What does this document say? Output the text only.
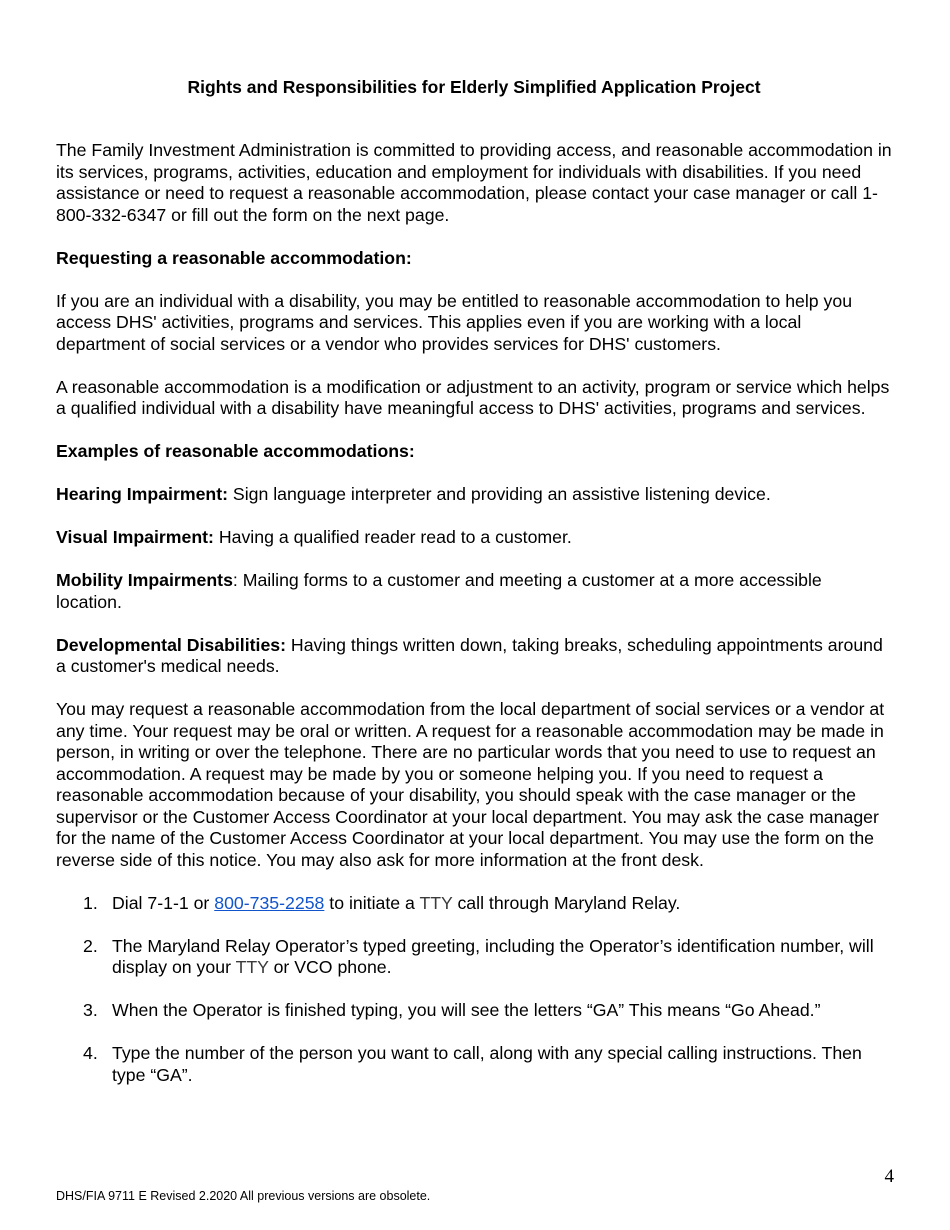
Rights and Responsibilities for Elderly Simplified Application Project

The Family Investment Administration is committed to providing access, and reasonable accommodation in its services, programs, activities, education and employment for individuals with disabilities. If you need assistance or need to request a reasonable accommodation, please contact your case manager or call 1-800-332-6347 or fill out the form on the next page.

Requesting a reasonable accommodation:

If you are an individual with a disability, you may be entitled to reasonable accommodation to help you access DHS' activities, programs and services. This applies even if you are working with a local department of social services or a vendor who provides services for DHS' customers.

A reasonable accommodation is a modification or adjustment to an activity, program or service which helps a qualified individual with a disability have meaningful access to DHS' activities, programs and services.

Examples of reasonable accommodations:

Hearing Impairment: Sign language interpreter and providing an assistive listening device.

Visual Impairment: Having a qualified reader read to a customer.

Mobility Impairments: Mailing forms to a customer and meeting a customer at a more accessible location.

Developmental Disabilities: Having things written down, taking breaks, scheduling appointments around a customer's medical needs.

You may request a reasonable accommodation from the local department of social services or a vendor at any time. Your request may be oral or written. A request for a reasonable accommodation may be made in person, in writing or over the telephone. There are no particular words that you need to use to request an accommodation. A request may be made by you or someone helping you. If you need to request a reasonable accommodation because of your disability, you should speak with the case manager or the supervisor or the Customer Access Coordinator at your local department. You may ask the case manager for the name of the Customer Access Coordinator at your local department. You may use the form on the reverse side of this notice. You may also ask for more information at the front desk.

1. Dial 7-1-1 or 800-735-2258 to initiate a TTY call through Maryland Relay.
2. The Maryland Relay Operator’s typed greeting, including the Operator’s identification number, will display on your TTY or VCO phone.
3. When the Operator is finished typing, you will see the letters “GA” This means “Go Ahead.”
4. Type the number of the person you want to call, along with any special calling instructions. Then type “GA”.
4
DHS/FIA 9711 E Revised 2.2020 All previous versions are obsolete.
